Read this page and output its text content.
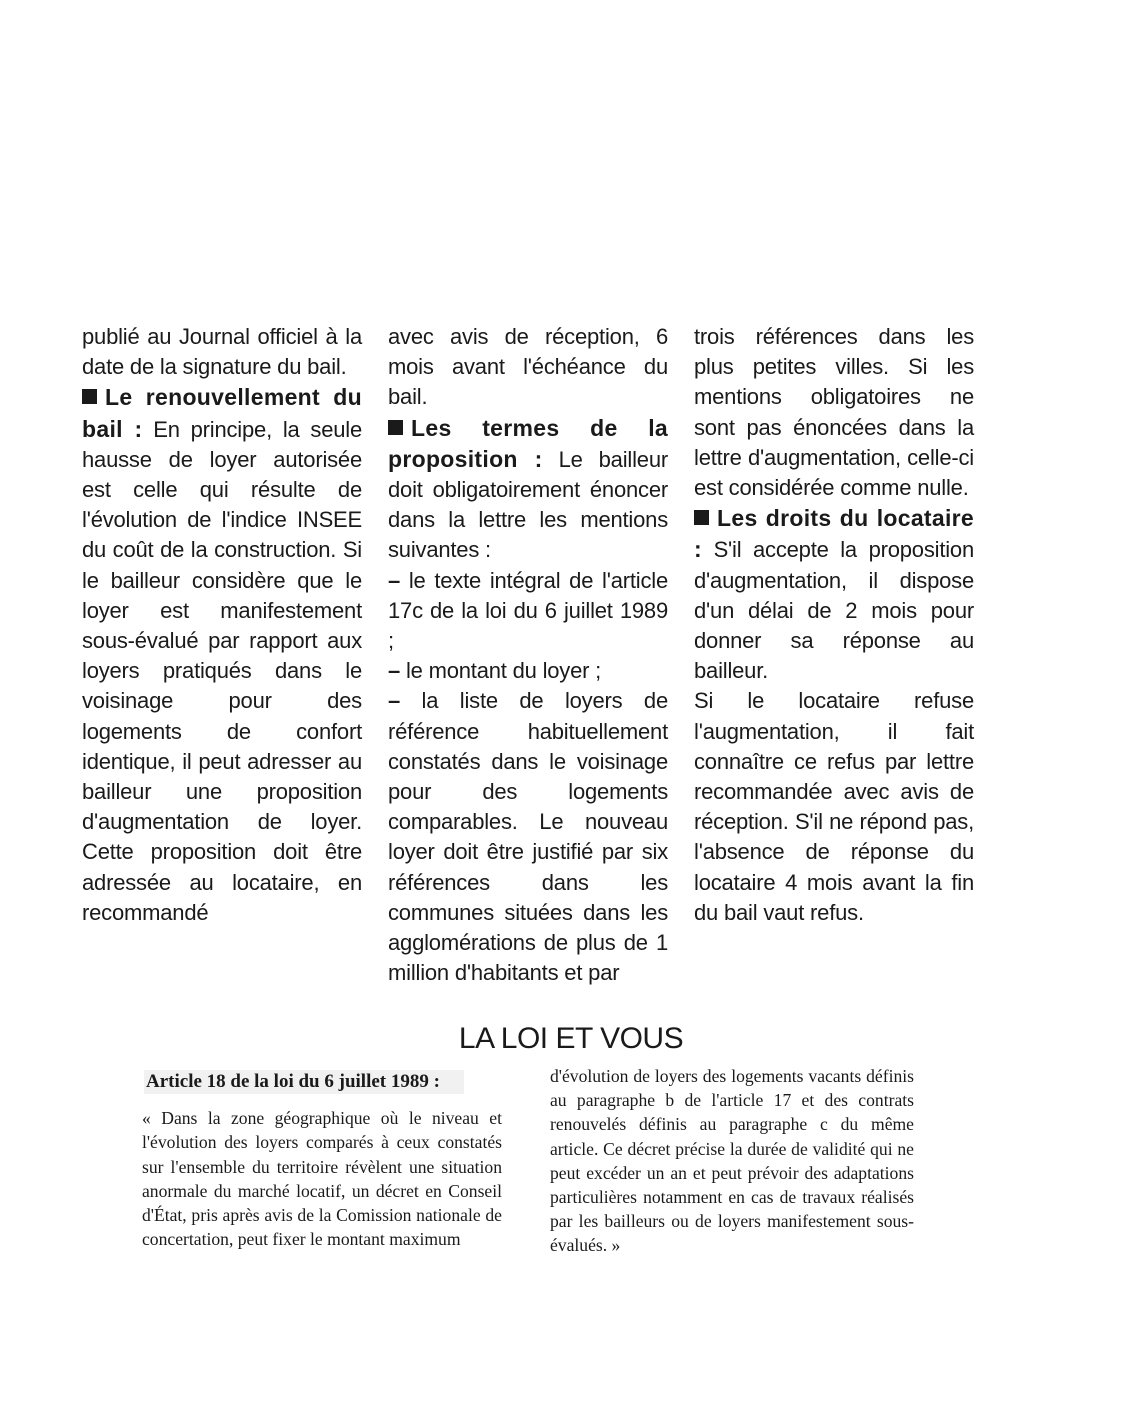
publié au Journal officiel à la date de la signature du bail.

Le renouvellement du bail : En principe, la seule hausse de loyer autorisée est celle qui résulte de l'évolution de l'indice INSEE du coût de la construction. Si le bailleur considère que le loyer est manifestement sous-évalué par rapport aux loyers pratiqués dans le voisinage pour des logements de confort identique, il peut adresser au bailleur une proposition d'augmentation de loyer. Cette proposition doit être adressée au locataire, en recommandé

avec avis de réception, 6 mois avant l'échéance du bail.

Les termes de la proposition : Le bailleur doit obligatoirement énoncer dans la lettre les mentions suivantes :

– le texte intégral de l'article 17c de la loi du 6 juillet 1989 ;

– le montant du loyer ;

– la liste de loyers de référence habituellement constatés dans le voisinage pour des logements comparables. Le nouveau loyer doit être justifié par six références dans les communes situées dans les agglomérations de plus de 1 million d'habitants et par

trois références dans les plus petites villes. Si les mentions obligatoires ne sont pas énoncées dans la lettre d'augmentation, celle-ci est considérée comme nulle.

Les droits du locataire : S'il accepte la proposition d'augmentation, il dispose d'un délai de 2 mois pour donner sa réponse au bailleur.

Si le locataire refuse l'augmentation, il fait connaître ce refus par lettre recommandée avec avis de réception. S'il ne répond pas, l'absence de réponse du locataire 4 mois avant la fin du bail vaut refus.

LA LOI ET VOUS
Article 18 de la loi du 6 juillet 1989 :

« Dans la zone géographique où le niveau et l'évolution des loyers comparés à ceux constatés sur l'ensemble du territoire révèlent une situation anormale du marché locatif, un décret en Conseil d'État, pris après avis de la Comission nationale de concertation, peut fixer le montant maximum

d'évolution de loyers des logements vacants définis au paragraphe b de l'article 17 et des contrats renouvelés définis au paragraphe c du même article. Ce décret précise la durée de validité qui ne peut excéder un an et peut prévoir des adaptations particulières notamment en cas de travaux réalisés par les bailleurs ou de loyers manifestement sous-évalués. »
